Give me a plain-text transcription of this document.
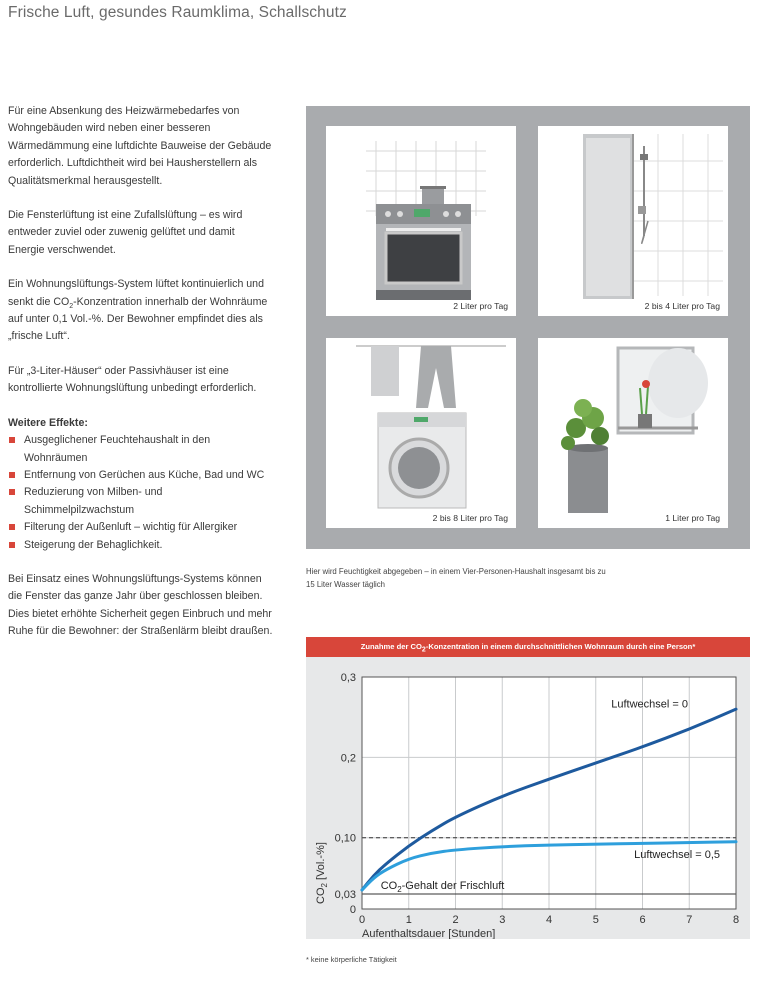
Frische Luft, gesundes Raumklima, Schallschutz

Für eine Absenkung des Heizwärmebedarfes von Wohngebäuden wird neben einer besseren Wärmedämmung eine luftdichte Bauweise der Gebäude erforderlich. Luftdichtheit wird bei Hausherstellern als Qualitätsmerkmal herausgestellt.

Die Fensterlüftung ist eine Zufallslüftung – es wird entweder zuviel oder zuwenig gelüftet und damit Energie verschwendet.

Ein Wohnungslüftungs-System lüftet kontinuierlich und senkt die $CO_2$-Konzentration innerhalb der Wohnräume auf unter 0,1 Vol.-%. Der Bewohner empfindet dies als „frische Luft“.

Für „3-Liter-Häuser“ oder Passivhäuser ist eine kontrollierte Wohnungslüftung unbedingt erforderlich.

Weitere Effekte:
Ausgeglichener Feuchtehaushalt in den Wohnräumen
Entfernung von Gerüchen aus Küche, Bad und WC
Reduzierung von Milben- und Schimmelpilzwachstum
Filterung der Außenluft – wichtig für Allergiker
Steigerung der Behaglichkeit.

Bei Einsatz eines Wohnungslüftungs-Systems können die Fenster das ganze Jahr über geschlossen bleiben. Dies bietet erhöhte Sicherheit gegen Einbruch und mehr Ruhe für die Bewohner: der Straßenlärm bleibt draußen.

2 Liter pro Tag	2 bis 4 Liter pro Tag
2 bis 8 Liter pro Tag	1 Liter pro Tag
Hier wird Feuchtigkeit abgegeben – in einem Vier-Personen-Haushalt insgesamt bis zu 15 Liter Wasser täglich
Zunahme der $CO_2$-Konzentration in einem durchschnittlichen Wohnraum durch eine Person*
0	1	2	3	4	5	6	7	8
0
0,03
0,10
0,2
0,3
Aufenthaltsdauer [Stunden]
$CO_2$ [Vol.-%]
Luftwechsel = 0
Luftwechsel = 0,5
$CO_2$-Gehalt der Frischluft
* keine körperliche Tätigkeit
